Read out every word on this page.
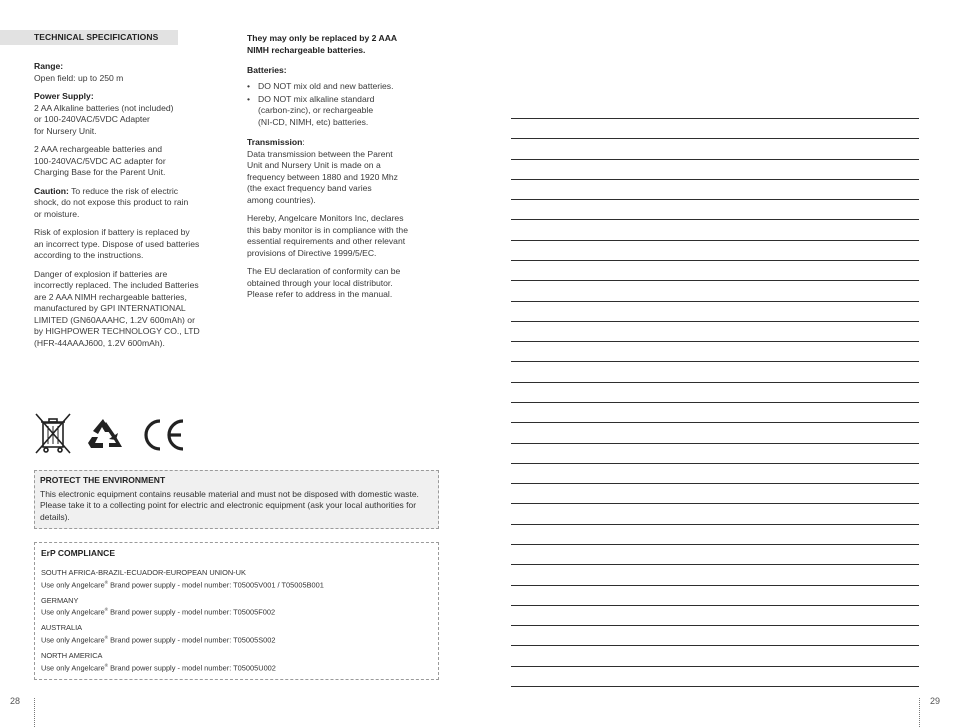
TECHNICAL SPECIFICATIONS

Range:
Open field: up to 250 m

Power Supply:
2 AA Alkaline batteries (not included)
or 100-240VAC/5VDC Adapter
for Nursery Unit.

2 AAA rechargeable batteries and
100-240VAC/5VDC AC adapter for
Charging Base for the Parent Unit.

Caution: To reduce the risk of electric
shock, do not expose this product to rain
or moisture.

Risk of explosion if battery is replaced by
an incorrect type. Dispose of used batteries
according to the instructions.

Danger of explosion if batteries are
incorrectly replaced. The included Batteries
are 2 AAA NIMH rechargeable batteries,
manufactured by GPI INTERNATIONAL
LIMITED (GN60AAAHC, 1.2V 600mAh) or
by HIGHPOWER TECHNOLOGY CO., LTD
(HFR-44AAAJ600, 1.2V 600mAh).

They may only be replaced by 2 AAA
NIMH rechargeable batteries.

Batteries:

• DO NOT mix old and new batteries.
• DO NOT mix alkaline standard
(carbon-zinc), or rechargeable
(NI-CD, NIMH, etc) batteries.

Transmission:
Data transmission between the Parent
Unit and Nursery Unit is made on a
frequency between 1880 and 1920 Mhz
(the exact frequency band varies
among countries).

Hereby, Angelcare Monitors Inc, declares
this baby monitor is in compliance with the
essential requirements and other relevant
provisions of Directive 1999/5/EC.

The EU declaration of conformity can be
obtained through your local distributor.
Please refer to address in the manual.

PROTECT THE ENVIRONMENT
This electronic equipment contains reusable material and must not be disposed with domestic waste. Please take it to a collecting point for electric and electronic equipment (ask your local authorities for details).
ErP COMPLIANCE
SOUTH AFRICA-BRAZIL-ECUADOR-EUROPEAN UNION-UK
Use only Angelcare® Brand power supply - model number: T05005V001 / T05005B001
GERMANY
Use only Angelcare® Brand power supply - model number: T05005F002
AUSTRALIA
Use only Angelcare® Brand power supply - model number: T05005S002
NORTH AMERICA
Use only Angelcare® Brand power supply - model number: T05005U002
28	29
